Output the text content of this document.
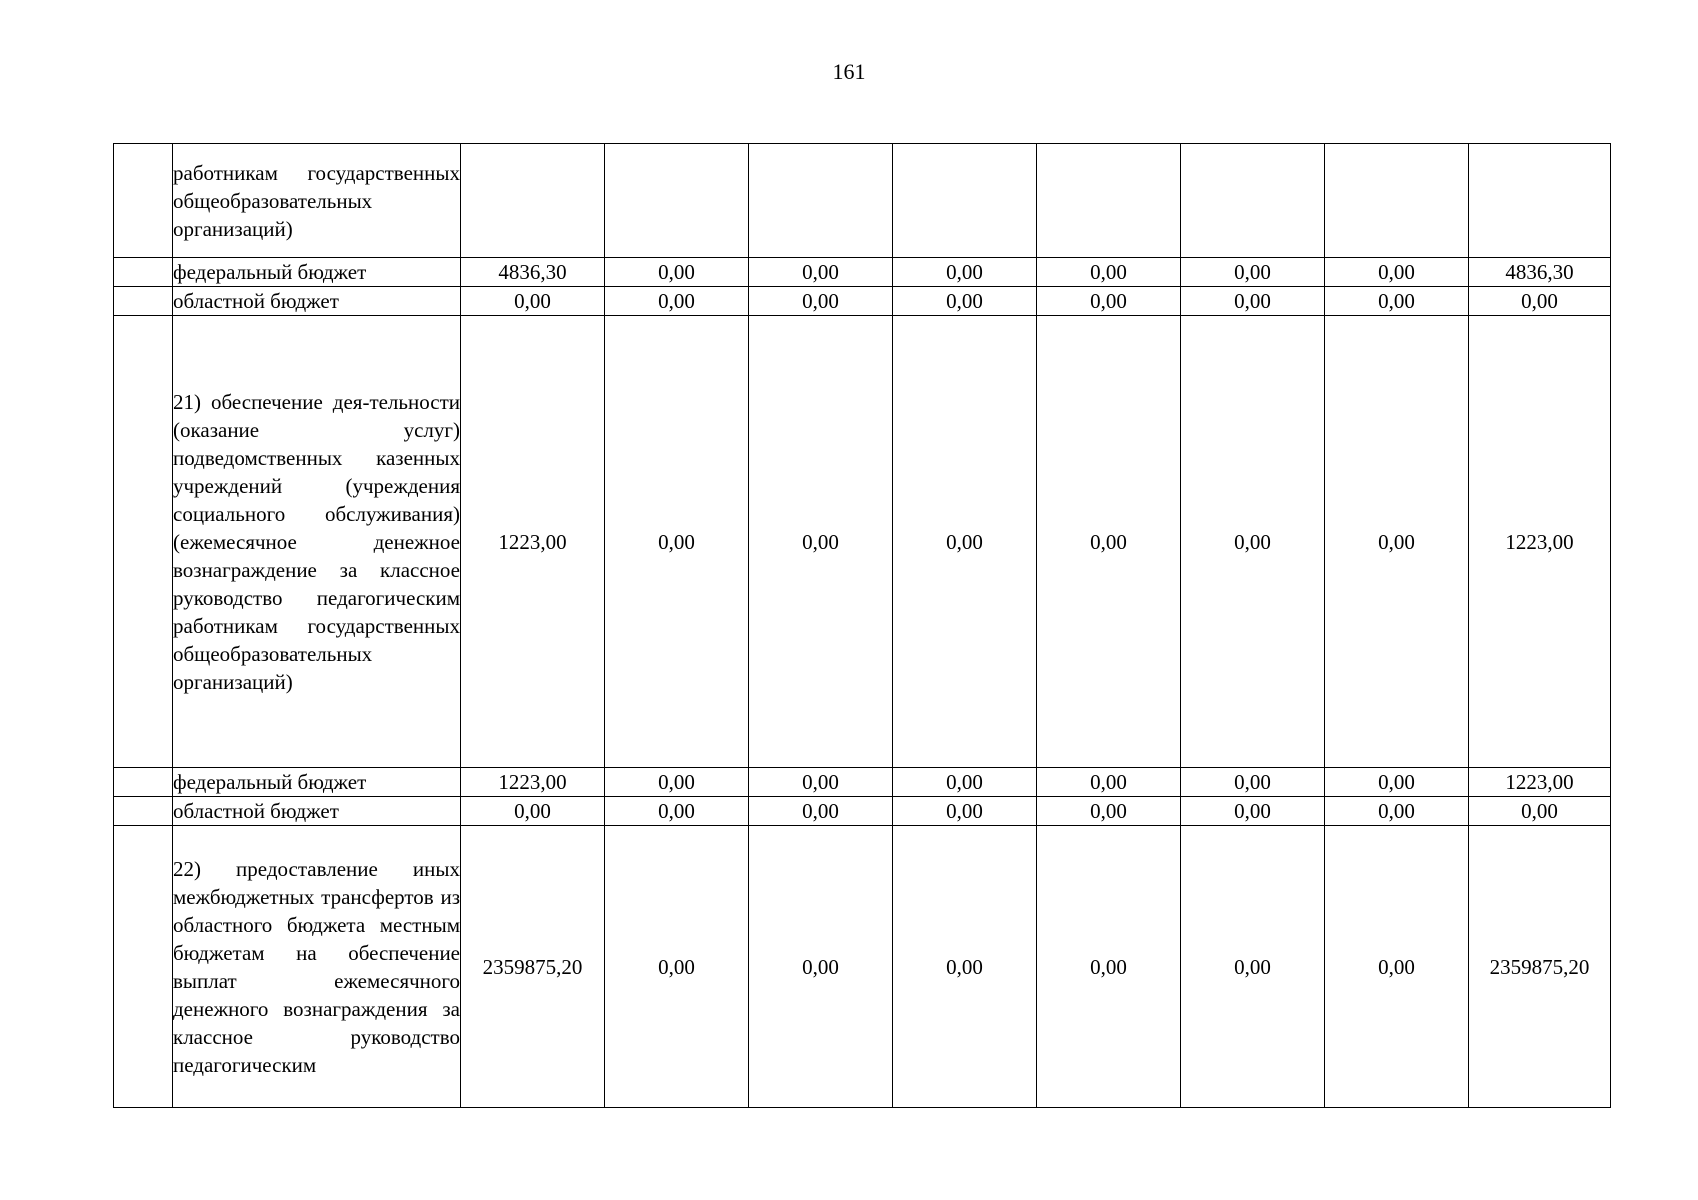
161
	работникам государственных общеобразовательных организаций)								
	федеральный бюджет	4836,30	0,00	0,00	0,00	0,00	0,00	0,00	4836,30
	областной бюджет	0,00	0,00	0,00	0,00	0,00	0,00	0,00	0,00
	21) обеспечение дея-тельности (оказание услуг) подведомственных казенных учреждений (учреждения социального обслуживания) (ежемесячное денежное вознаграждение за классное руководство педагогическим работникам государственных общеобразовательных организаций)	1223,00	0,00	0,00	0,00	0,00	0,00	0,00	1223,00
	федеральный бюджет	1223,00	0,00	0,00	0,00	0,00	0,00	0,00	1223,00
	областной бюджет	0,00	0,00	0,00	0,00	0,00	0,00	0,00	0,00
	22) предоставление иных межбюджетных трансфертов из областного бюджета местным бюджетам на обеспечение выплат ежемесячного денежного вознаграждения за классное руководство педагогическим	2359875,20	0,00	0,00	0,00	0,00	0,00	0,00	2359875,20
